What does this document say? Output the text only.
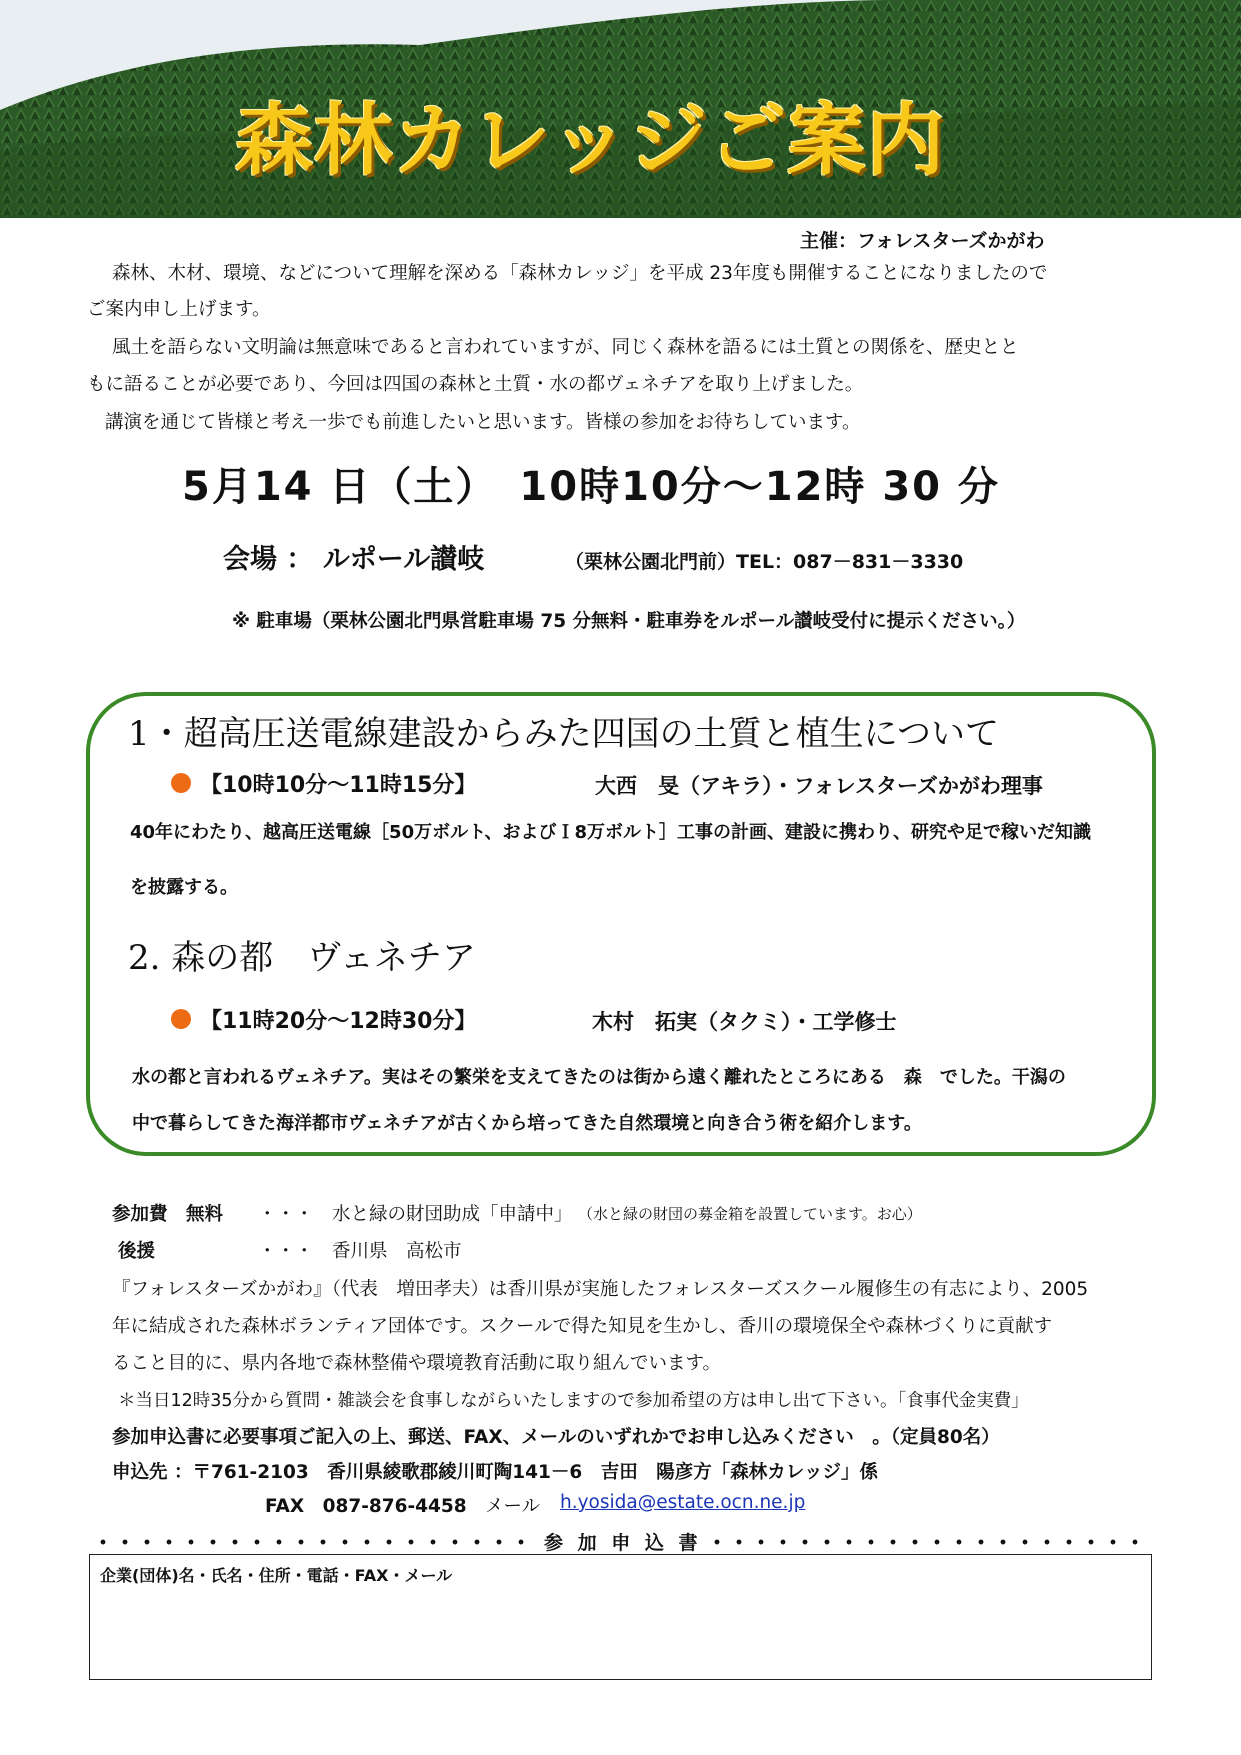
森林カレッジご案内
主催：フォレスターズかがわ
森林、木材、環境、などについて理解を深める「森林カレッジ」を平成 23年度も開催することになりましたので
ご案内申し上げます。
風土を語らない文明論は無意味であると言われていますが、同じく森林を語るには土質との関係を、歴史とと
もに語ることが必要であり、今回は四国の森林と土質・水の都ヴェネチアを取り上げました。
講演を通じて皆様と考え一歩でも前進したいと思います。皆様の参加をお待ちしています。
5月14 日（土）　10時10分～12時 30 分
会場 ： ルポール讃岐	（栗林公園北門前）TEL：087－831－3330
※ 駐車場（栗林公園北門県営駐車場 75 分無料・駐車券をルポール讃岐受付に提示ください。）
1・超高圧送電線建設からみた四国の土質と植生について
【10時10分～11時15分】	大西　旻（アキラ）・フォレスターズかがわ理事
40年にわたり、越高圧送電線［50万ボルト、およびＩ8万ボルト］工事の計画、建設に携わり、研究や足で稼いだ知識
を披露する。
2. 森の都　ヴェネチア
【11時20分～12時30分】	木村　拓実（タクミ）・工学修士
水の都と言われるヴェネチア。実はその繁栄を支えてきたのは街から遠く離れたところにある　森　でした。干潟の
中で暮らしてきた海洋都市ヴェネチアが古くから培ってきた自然環境と向き合う術を紹介します。
参加費　無料 ・・・　水と緑の財団助成「申請中」 （水と緑の財団の募金箱を設置しています。お心）
後援	・・・　香川県　高松市
『フォレスターズかがわ』（代表　増田孝夫）は香川県が実施したフォレスターズスクール履修生の有志により、2005
年に結成された森林ボランティア団体です。スクールで得た知見を生かし、香川の環境保全や森林づくりに貢献す
ること目的に、県内各地で森林整備や環境教育活動に取り組んでいます。
＊当日12時35分から質問・雑談会を食事しながらいたしますので参加希望の方は申し出て下さい。「食事代金実費」
参加申込書に必要事項ご記入の上、郵送、FAX、メールのいずれかでお申し込みください　。（定員80名）
申込先 ：〒761-2103　香川県綾歌郡綾川町陶141－6　吉田　陽彦方「森林カレッジ」係
FAX　087-876-4458 メール h.yosida@estate.ocn.ne.jp
参 加 申 込 書
企業(団体)名・氏名・住所・電話・FAX・メール
